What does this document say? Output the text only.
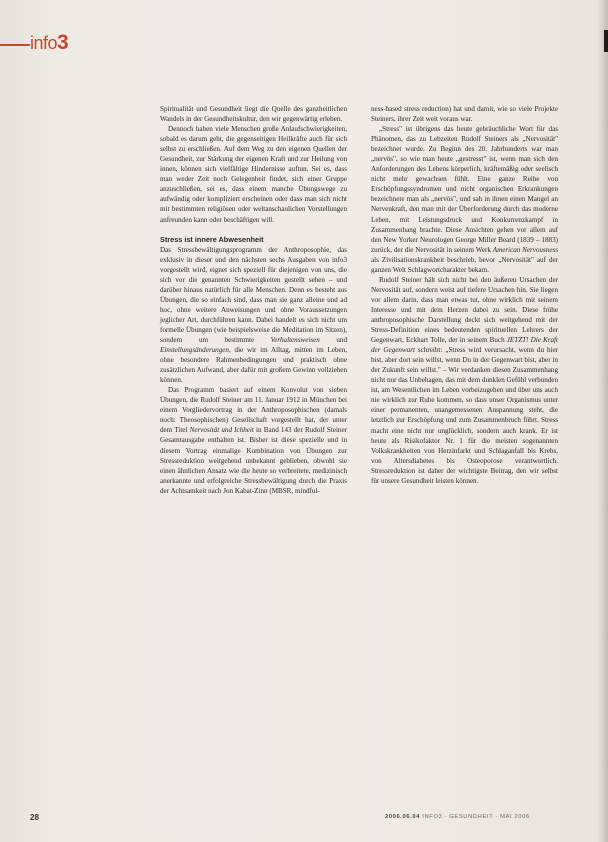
info3

Spiritualität und Gesundheit liegt die Quelle des ganzheitlichen Wandels in der Gesundheitskultur, den wir gegenwärtig erleben.

Dennoch haben viele Menschen große Anlaufschwierigkeiten, sobald es darum geht, die gegenseitigen Heilkräfte auch für sich selbst zu erschließen. Auf dem Weg zu den eigenen Quellen der Gesundheit, zur Stärkung der eigenen Kraft und zur Heilung von innen, können sich vielfältige Hindernisse auftun. Sei es, dass man weder Zeit noch Gelegenheit findet, sich einer Gruppe anzuschließen, sei es, dass einem manche Übungswege zu aufwändig oder kompliziert erscheinen oder dass man sich nicht mit bestimmten religiösen oder weltanschaulichen Vorstellungen anfreunden kann oder beschäftigen will.

Stress ist innere Abwesenheit

Das Stressbewältigungsprogramm der Anthroposophie, das exklusiv in dieser und den nächsten sechs Ausgaben von info3 vorgestellt wird, eignet sich speziell für diejenigen von uns, die sich vor die genannten Schwierigkeiten gestellt sehen – und darüber hinaus natürlich für alle Menschen. Denn es besteht aus Übungen, die so einfach sind, dass man sie ganz alleine und ad hoc, ohne weitere Anweisungen und ohne Voraussetzungen jeglicher Art, durchführen kann. Dabei handelt es sich nicht um formelle Übungen (wie beispielsweise die Meditation im Sitzen), sondern um bestimmte Verhaltensweisen und Einstellungsänderungen, die wir im Alltag, mitten im Leben, ohne besondere Rahmenbedingungen und praktisch ohne zusätzlichen Aufwand, aber dafür mit großem Gewinn vollziehen können.

Das Programm basiert auf einem Konvolut von sieben Übungen, die Rudolf Steiner am 11. Januar 1912 in München bei einem Vorgliedervortrag in der Anthroposophischen (damals noch: Theosophischen) Gesellschaft vorgestellt hat, der unter dem Titel Nervosität und Ichheit in Band 143 der Rudolf Steiner Gesamtausgabe enthalten ist. Bisher ist diese spezielle und in diesem Vortrag einmalige Kombination von Übungen zur Stressreduktion weitgehend unbekannt geblieben, obwohl sie einen ähnlichen Ansatz wie die heute so verbreitete, medizinisch anerkannte und erfolgreiche Stressbewältigung durch die Praxis der Achtsamkeit nach Jon Kabat-Zinn (MBSR, mindful-

ness-based stress reduction) hat und damit, wie so viele Projekte Steiners, ihrer Zeit weit voraus war.

„Stress" ist übrigens das heute gebräuchliche Wort für das Phänomen, das zu Lebzeiten Rudolf Steiners als „Nervosität" bezeichnet wurde. Zu Beginn des 20. Jahrhunderts war man „nervös", so wie man heute „gestresst" ist, wenn man sich den Anforderungen des Lebens körperlich, kräftemäßig oder seelisch nicht mehr gewachsen fühlt. Eine ganze Reihe von Erschöpfungssyndromen und nicht organischen Erkrankungen bezeichnete man als „nervös", und sah in ihnen einen Mangel an Nervenkraft, den man mit der Überforderung durch das moderne Leben, mit Leistungsdruck und Konkurrenzkampf in Zusammenhang brachte. Diese Ansichten gehen vor allem auf den New Yorker Neurologen George Miller Beard (1839 – 1883) zurück, der die Nervosität in seinem Werk American Nervousness als Zivilisationskrankheit beschrieb, bevor „Nervosität" auf der ganzen Welt Schlagwortcharakter bekam.

Rudolf Steiner hält sich nicht bei den äußeren Ursachen der Nervosität auf, sondern weist auf tiefere Ursachen hin. Sie liegen vor allem darin, dass man etwas tut, ohne wirklich mit seinem Interesse und mit dem Herzen dabei zu sein. Diese frühe anthroposophische Darstellung deckt sich weitgehend mit der Stress-Definition eines bedeutenden spirituellen Lehrers der Gegenwart, Eckhart Tolle, der in seinem Buch JETZT! Die Kraft der Gegenwart schreibt: „Stress wird verursacht, wenn du hier bist, aber dort sein willst, wenn Du in der Gegenwart bist, aber in der Zukunft sein willst." – Wir verdanken diesen Zusammenhang nicht nur das Unbehagen, das mit dem dunklen Gefühl verbunden ist, am Wesentlichen im Leben vorbeizugehen und über uns auch nie wirklich zur Ruhe kommen, so dass unser Organismus unter einer permanenten, unangemessenen Anspannung steht, die letztlich zur Erschöpfung und zum Zusammenbruch führt. Stress macht eine nicht nur unglücklich, sondern auch krank. Er ist heute als Risikofaktor Nr. 1 für die meisten sogenannten Volkskrankheiten von Herzinfarkt und Schlaganfall bis Krebs, von Altersdiabetes bis Osteoporose verantwortlich. Stressreduktion ist daher der wichtigste Beitrag, den wir selbst für unsere Gesundheit leisten können.

28	2006.06.04 INFO3 · GESUNDHEIT · MAI 2006
